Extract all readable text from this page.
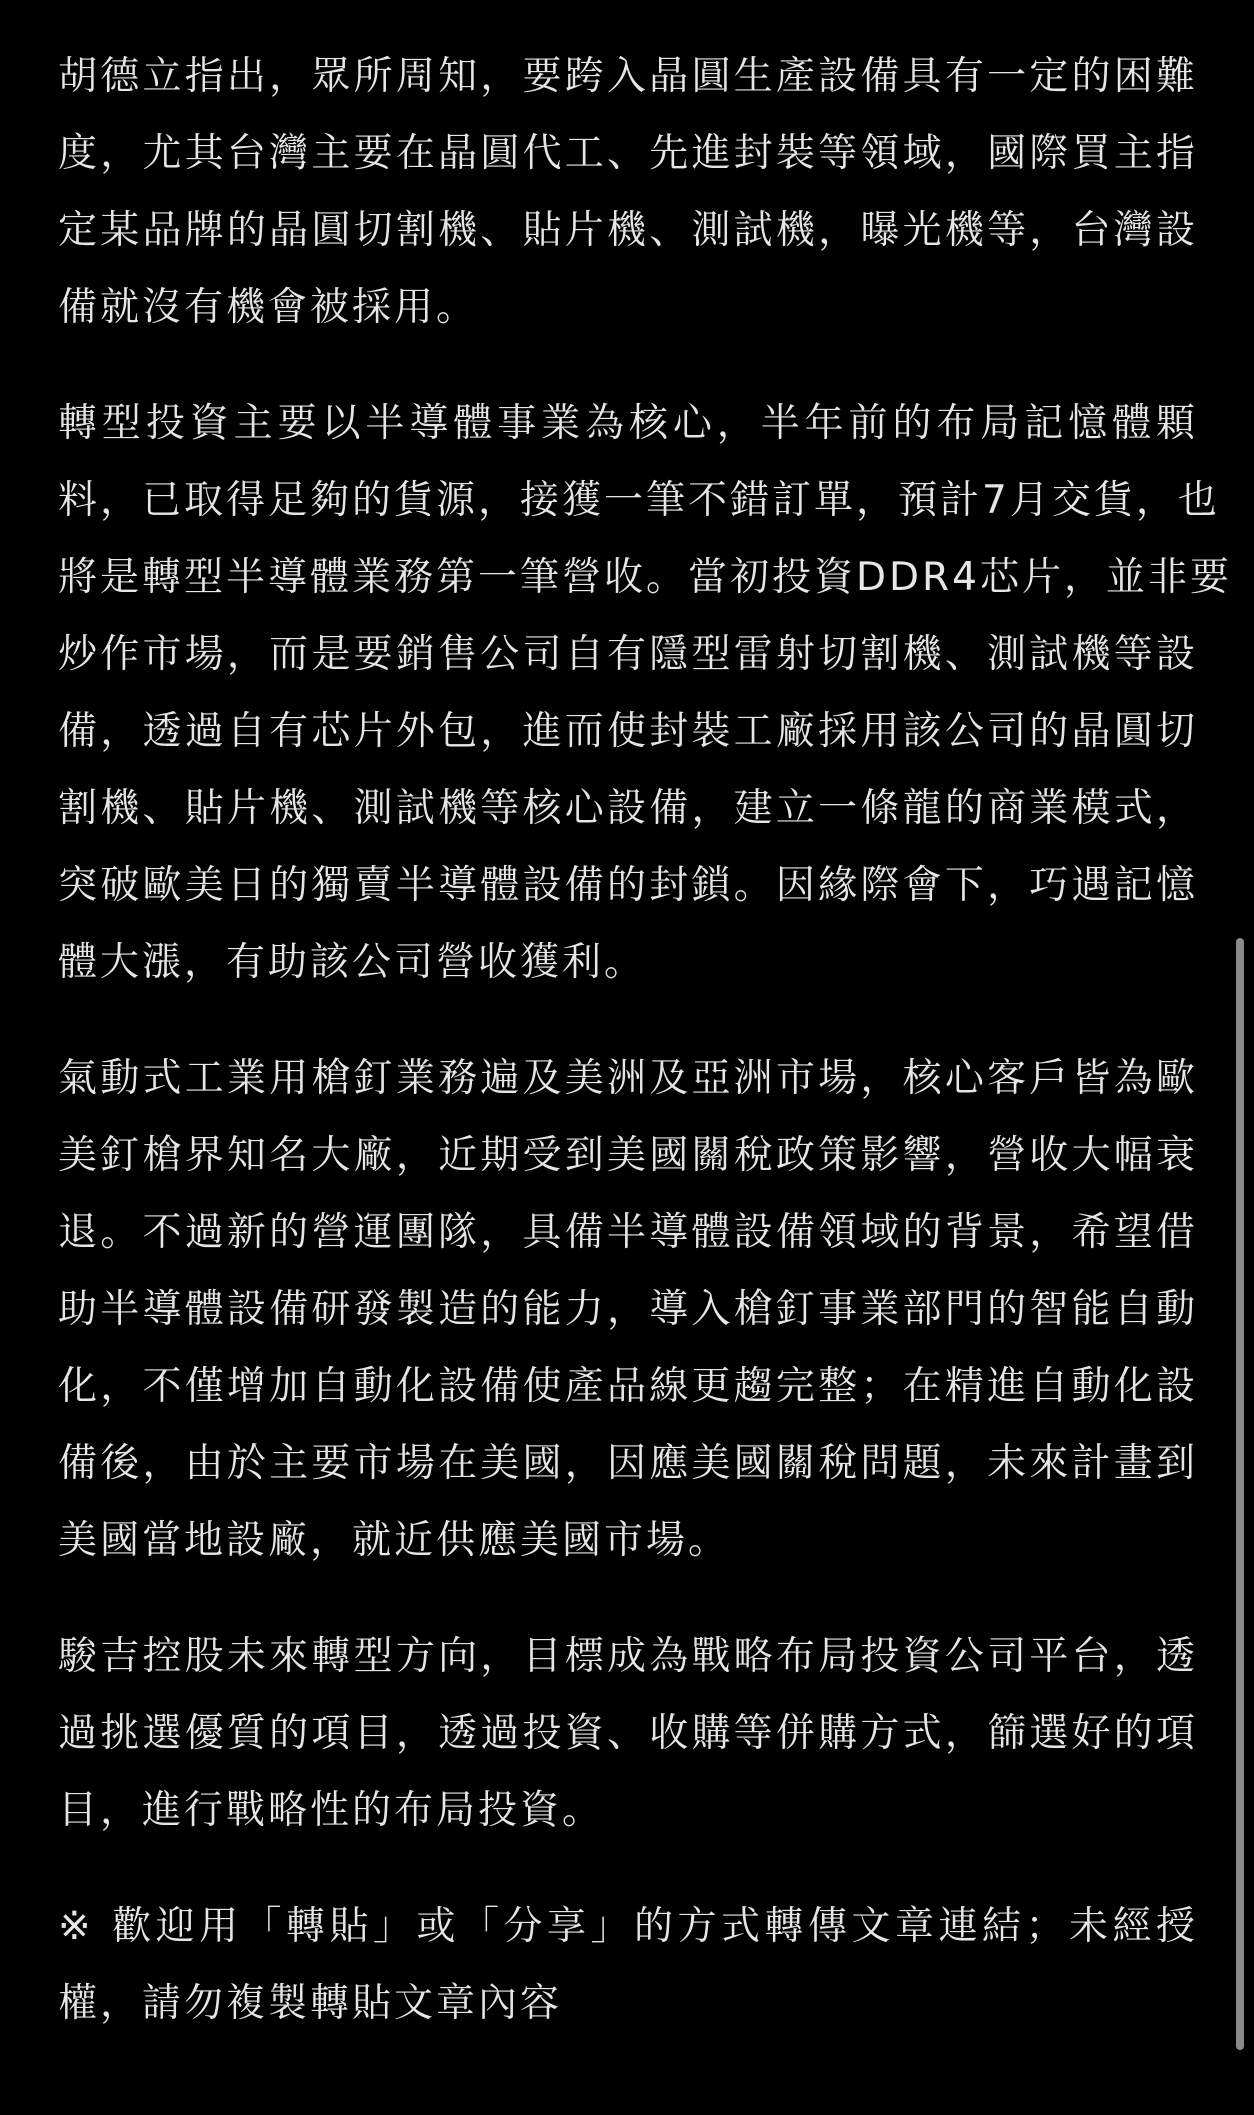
胡德立指出，眾所周知，要跨入晶圓生產設備具有一定的困難
度，尤其台灣主要在晶圓代工、先進封裝等領域，國際買主指
定某品牌的晶圓切割機、貼片機、測試機，曝光機等，台灣設
備就沒有機會被採用。

轉型投資主要以半導體事業為核心，半年前的布局記憶體顆
料，已取得足夠的貨源，接獲一筆不錯訂單，預計7月交貨，也
將是轉型半導體業務第一筆營收。當初投資DDR4芯片，並非要
炒作市場，而是要銷售公司自有隱型雷射切割機、測試機等設
備，透過自有芯片外包，進而使封裝工廠採用該公司的晶圓切
割機、貼片機、測試機等核心設備，建立一條龍的商業模式，
突破歐美日的獨賣半導體設備的封鎖。因緣際會下，巧遇記憶
體大漲，有助該公司營收獲利。

氣動式工業用槍釘業務遍及美洲及亞洲市場，核心客戶皆為歐
美釘槍界知名大廠，近期受到美國關稅政策影響，營收大幅衰
退。不過新的營運團隊，具備半導體設備領域的背景，希望借
助半導體設備研發製造的能力，導入槍釘事業部門的智能自動
化，不僅增加自動化設備使產品線更趨完整；在精進自動化設
備後，由於主要市場在美國，因應美國關稅問題，未來計畫到
美國當地設廠，就近供應美國市場。

駿吉控股未來轉型方向，目標成為戰略布局投資公司平台，透
過挑選優質的項目，透過投資、收購等併購方式，篩選好的項
目，進行戰略性的布局投資。

※ 歡迎用「轉貼」或「分享」的方式轉傳文章連結；未經授
權，請勿複製轉貼文章內容
